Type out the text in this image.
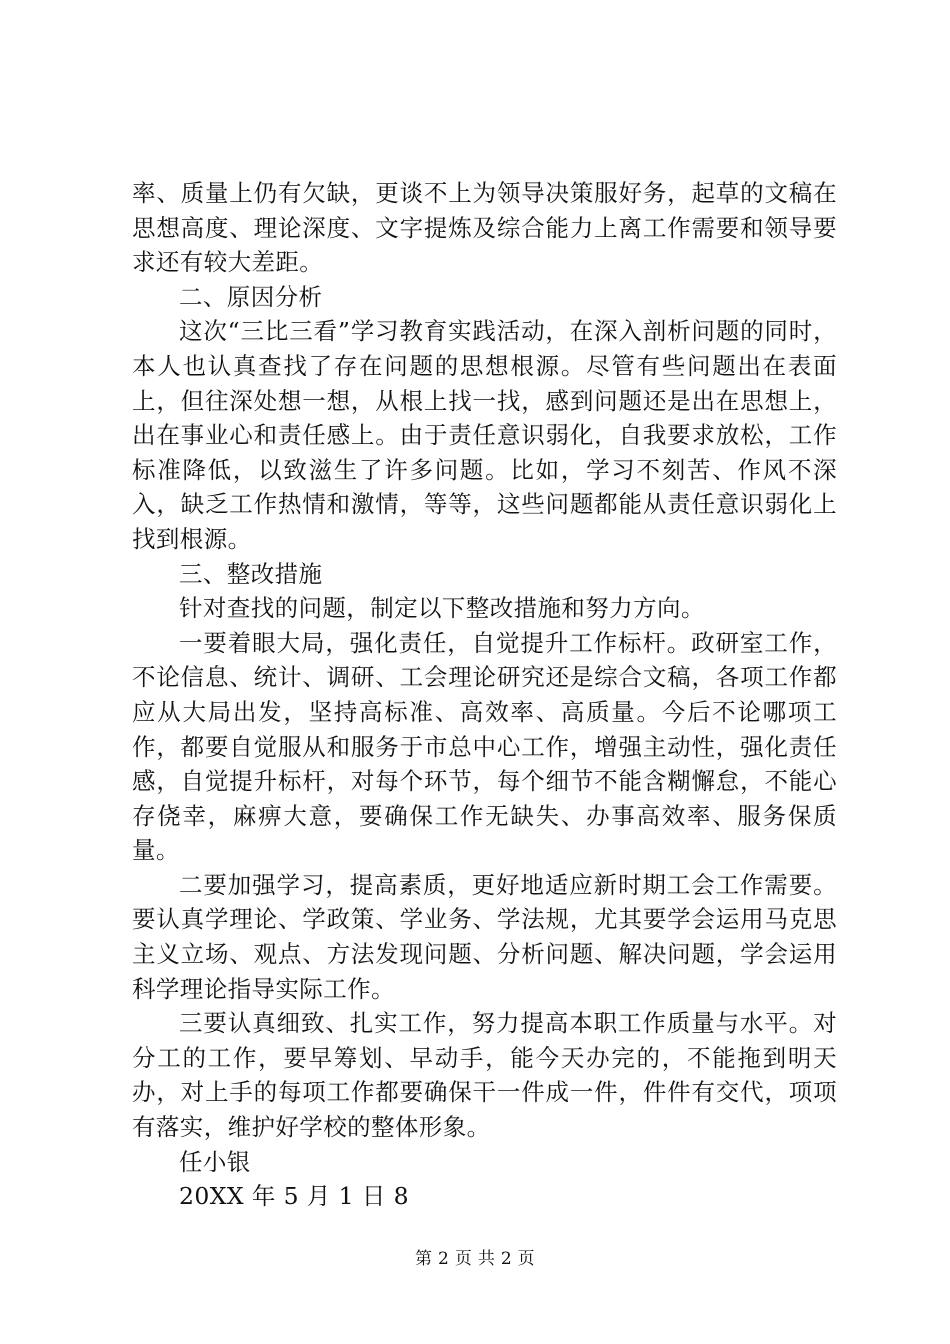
率、质量上仍有欠缺，更谈不上为领导决策服好务，起草的文稿在思想高度、理论深度、文字提炼及综合能力上离工作需要和领导要求还有较大差距。

二、原因分析

这次“三比三看”学习教育实践活动，在深入剖析问题的同时，本人也认真查找了存在问题的思想根源。尽管有些问题出在表面上，但往深处想一想，从根上找一找，感到问题还是出在思想上，出在事业心和责任感上。由于责任意识弱化，自我要求放松，工作标准降低，以致滋生了许多问题。比如，学习不刻苦、作风不深入，缺乏工作热情和激情，等等，这些问题都能从责任意识弱化上找到根源。

三、整改措施

针对查找的问题，制定以下整改措施和努力方向。

一要着眼大局，强化责任，自觉提升工作标杆。政研室工作，不论信息、统计、调研、工会理论研究还是综合文稿，各项工作都应从大局出发，坚持高标准、高效率、高质量。今后不论哪项工作，都要自觉服从和服务于市总中心工作，增强主动性，强化责任感，自觉提升标杆，对每个环节，每个细节不能含糊懈怠，不能心存侥幸，麻痹大意，要确保工作无缺失、办事高效率、服务保质量。

二要加强学习，提高素质，更好地适应新时期工会工作需要。要认真学理论、学政策、学业务、学法规，尤其要学会运用马克思主义立场、观点、方法发现问题、分析问题、解决问题，学会运用科学理论指导实际工作。

三要认真细致、扎实工作，努力提高本职工作质量与水平。对分工的工作，要早筹划、早动手，能今天办完的，不能拖到明天办，对上手的每项工作都要确保干一件成一件，件件有交代，项项有落实，维护好学校的整体形象。

任小银

20XX 年 5 月 1 日 8

第 2 页 共 2 页
